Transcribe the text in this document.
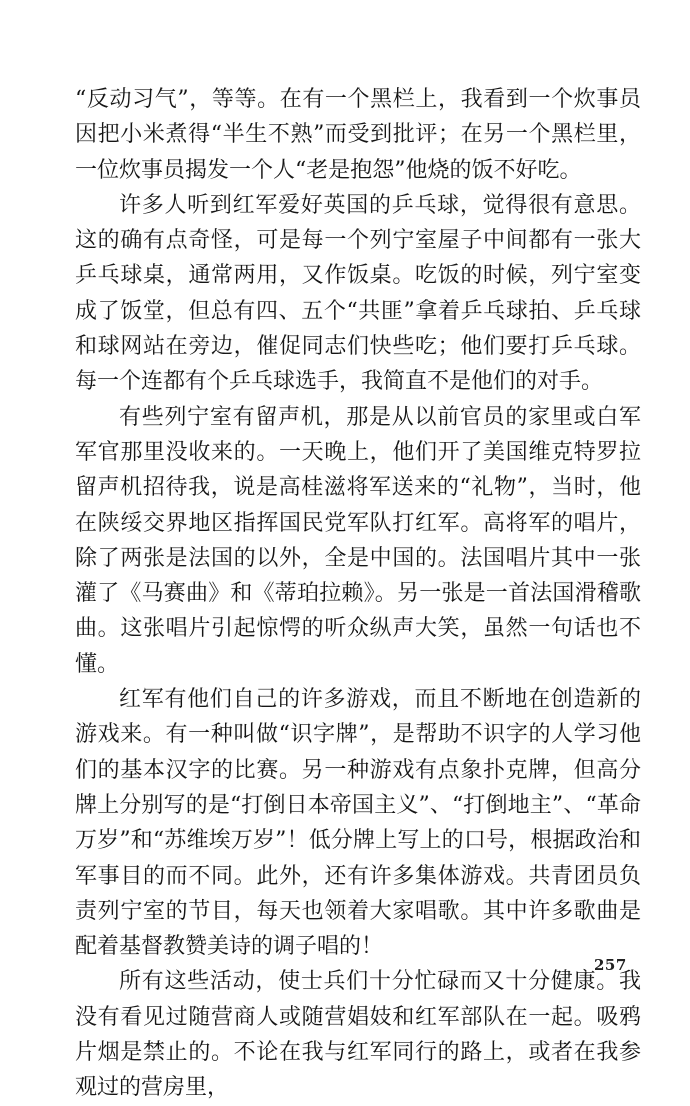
“反动习气”，等等。在有一个黑栏上，我看到一个炊事员因把小米煮得“半生不熟”而受到批评；在另一个黑栏里，一位炊事员揭发一个人“老是抱怨”他烧的饭不好吃。

许多人听到红军爱好英国的乒乓球，觉得很有意思。这的确有点奇怪，可是每一个列宁室屋子中间都有一张大乒乓球桌，通常两用，又作饭桌。吃饭的时候，列宁室变成了饭堂，但总有四、五个“共匪”拿着乒乓球拍、乒乓球和球网站在旁边，催促同志们快些吃；他们要打乒乓球。每一个连都有个乒乓球选手，我简直不是他们的对手。

有些列宁室有留声机，那是从以前官员的家里或白军军官那里没收来的。一天晚上，他们开了美国维克特罗拉留声机招待我，说是高桂滋将军送来的“礼物”，当时，他在陕绥交界地区指挥国民党军队打红军。高将军的唱片，除了两张是法国的以外，全是中国的。法国唱片其中一张灌了《马赛曲》和《蒂珀拉赖》。另一张是一首法国滑稽歌曲。这张唱片引起惊愕的听众纵声大笑，虽然一句话也不懂。

红军有他们自己的许多游戏，而且不断地在创造新的游戏来。有一种叫做“识字牌”，是帮助不识字的人学习他们的基本汉字的比赛。另一种游戏有点象扑克牌，但高分牌上分别写的是“打倒日本帝国主义”、“打倒地主”、“革命万岁”和“苏维埃万岁”！低分牌上写上的口号，根据政治和军事目的而不同。此外，还有许多集体游戏。共青团员负责列宁室的节目，每天也领着大家唱歌。其中许多歌曲是配着基督教赞美诗的调子唱的！

所有这些活动，使士兵们十分忙碌而又十分健康。我没有看见过随营商人或随营娼妓和红军部队在一起。吸鸦片烟是禁止的。不论在我与红军同行的路上，或者在我参观过的营房里，

257
